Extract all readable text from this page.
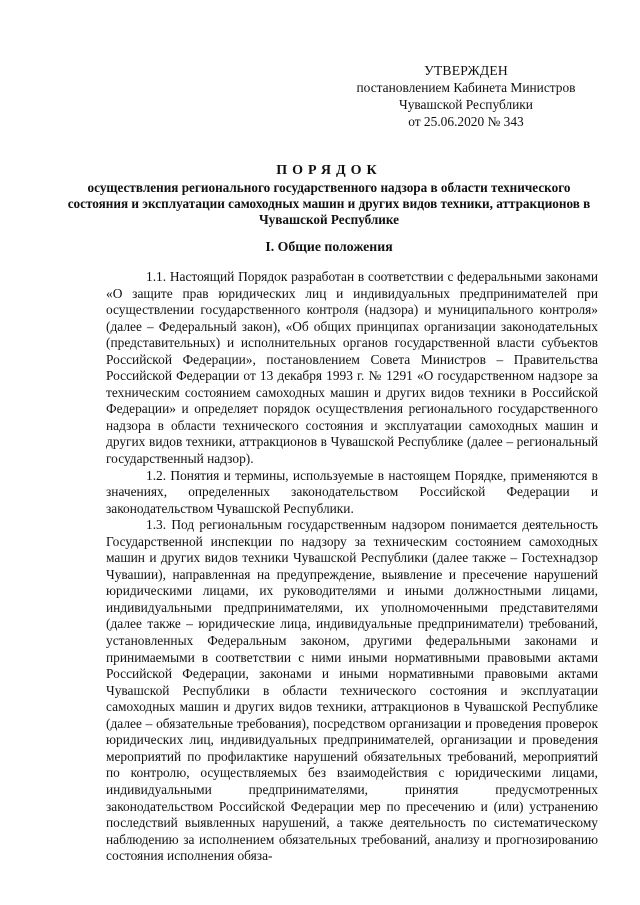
УТВЕРЖДЕН
постановлением Кабинета Министров
Чувашской Республики
от 25.06.2020 № 343
ПОРЯДОК
осуществления регионального государственного надзора в области технического состояния и эксплуатации самоходных машин и других видов техники, аттракционов в Чувашской Республике
I. Общие положения

1.1. Настоящий Порядок разработан в соответствии с федеральными законами «О защите прав юридических лиц и индивидуальных предпринимателей при осуществлении государственного контроля (надзора) и муниципального контроля» (далее – Федеральный закон), «Об общих принципах организации законодательных (представительных) и исполнительных органов государственной власти субъектов Российской Федерации», постановлением Совета Министров – Правительства Российской Федерации от 13 декабря 1993 г. № 1291 «О государственном надзоре за техническим состоянием самоходных машин и других видов техники в Российской Федерации» и определяет порядок осуществления регионального государственного надзора в области технического состояния и эксплуатации самоходных машин и других видов техники, аттракционов в Чувашской Республике (далее – региональный государственный надзор).

1.2. Понятия и термины, используемые в настоящем Порядке, применяются в значениях, определенных законодательством Российской Федерации и законодательством Чувашской Республики.

1.3. Под региональным государственным надзором понимается деятельность Государственной инспекции по надзору за техническим состоянием самоходных машин и других видов техники Чувашской Республики (далее также – Гостехнадзор Чувашии), направленная на предупреждение, выявление и пресечение нарушений юридическими лицами, их руководителями и иными должностными лицами, индивидуальными предпринимателями, их уполномоченными представителями (далее также – юридические лица, индивидуальные предприниматели) требований, установленных Федеральным законом, другими федеральными законами и принимаемыми в соответствии с ними иными нормативными правовыми актами Российской Федерации, законами и иными нормативными правовыми актами Чувашской Республики в области технического состояния и эксплуатации самоходных машин и других видов техники, аттракционов в Чувашской Республике (далее – обязательные требования), посредством организации и проведения проверок юридических лиц, индивидуальных предпринимателей, организации и проведения мероприятий по профилактике нарушений обязательных требований, мероприятий по контролю, осуществляемых без взаимодействия с юридическими лицами, индивидуальными предпринимателями, принятия предусмотренных законодательством Российской Федерации мер по пресечению и (или) устранению последствий выявленных нарушений, а также деятельность по систематическому наблюдению за исполнением обязательных требований, анализу и прогнозированию состояния исполнения обяза-
